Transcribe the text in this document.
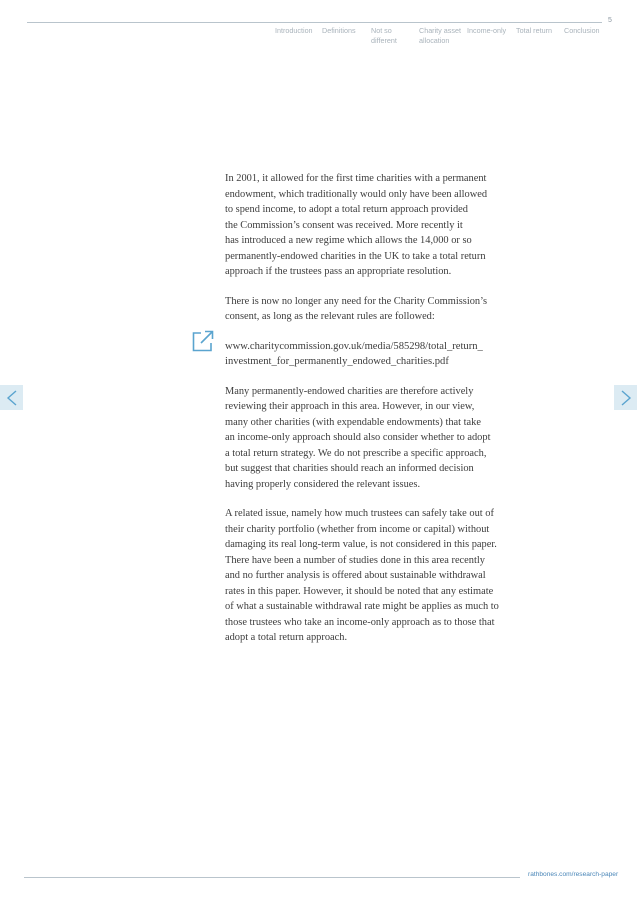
5
Introduction Definitions Not so
different
Charity asset
allocation
Income-only Total return Conclusion

In 2001, it allowed for the first time charities with a permanent
endowment, which traditionally would only have been allowed
to spend income, to adopt a total return approach provided
the Commission’s consent was received. More recently it
has introduced a new regime which allows the 14,000 or so
permanently-endowed charities in the UK to take a total return
approach if the trustees pass an appropriate resolution.

There is now no longer any need for the Charity Commission’s
consent, as long as the relevant rules are followed:

www.charitycommission.gov.uk/media/585298/total_return_
investment_for_permanently_endowed_charities.pdf

Many permanently-endowed charities are therefore actively
reviewing their approach in this area. However, in our view,
many other charities (with expendable endowments) that take
an income-only approach should also consider whether to adopt
a total return strategy. We do not prescribe a specific approach,
but suggest that charities should reach an informed decision
having properly considered the relevant issues.

A related issue, namely how much trustees can safely take out of
their charity portfolio (whether from income or capital) without
damaging its real long-term value, is not considered in this paper.
There have been a number of studies done in this area recently
and no further analysis is offered about sustainable withdrawal
rates in this paper. However, it should be noted that any estimate
of what a sustainable withdrawal rate might be applies as much to
those trustees who take an income-only approach as to those that
adopt a total return approach.

rathbones.com/research-paper
